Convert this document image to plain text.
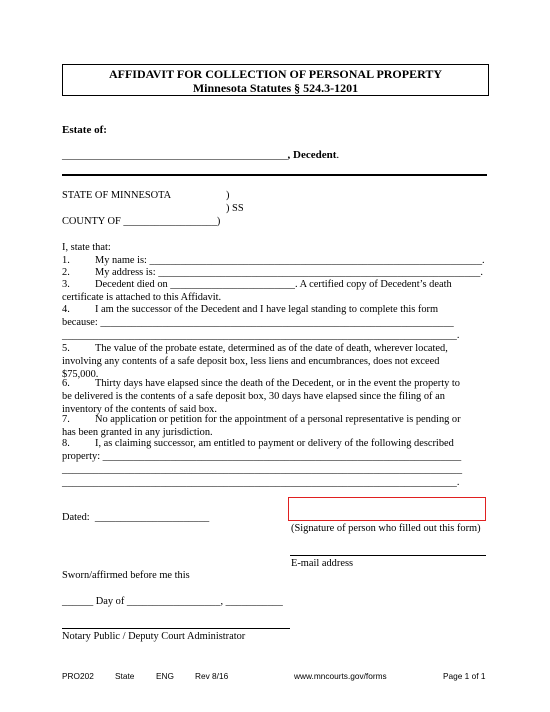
AFFIDAVIT FOR COLLECTION OF PERSONAL PROPERTY
Minnesota Statutes § 524.3-1201
Estate of:
_________________________________________, Decedent.
STATE OF MINNESOTA	)
) SS
COUNTY OF __________________)
I, state that:
1. My name is: ________________________________________________________________.
2. My address is: ______________________________________________________________.
3. Decedent died on ________________________. A certified copy of Decedent’s death
certificate is attached to this Affidavit.
4. I am the successor of the Decedent and I have legal standing to complete this form
because: ____________________________________________________________________
____________________________________________________________________________.
5. The value of the probate estate, determined as of the date of death, wherever located,
involving any contents of a safe deposit box, less liens and encumbrances, does not exceed
$75,000.
6. Thirty days have elapsed since the death of the Decedent, or in the event the property to
be delivered is the contents of a safe deposit box, 30 days have elapsed since the filing of an
inventory of the contents of said box.
7. No application or petition for the appointment of a personal representative is pending or
has been granted in any jurisdiction.
8. I, as claiming successor, am entitled to payment or delivery of the following described
property: _____________________________________________________________________
_____________________________________________________________________________
____________________________________________________________________________.
Dated: ______________________
(Signature of person who filled out this form)
E-mail address
Sworn/affirmed before me this
______ Day of __________________, ___________
Notary Public / Deputy Court Administrator
PRO202	State	ENG	Rev 8/16	www.mncourts.gov/forms	Page 1 of 1
